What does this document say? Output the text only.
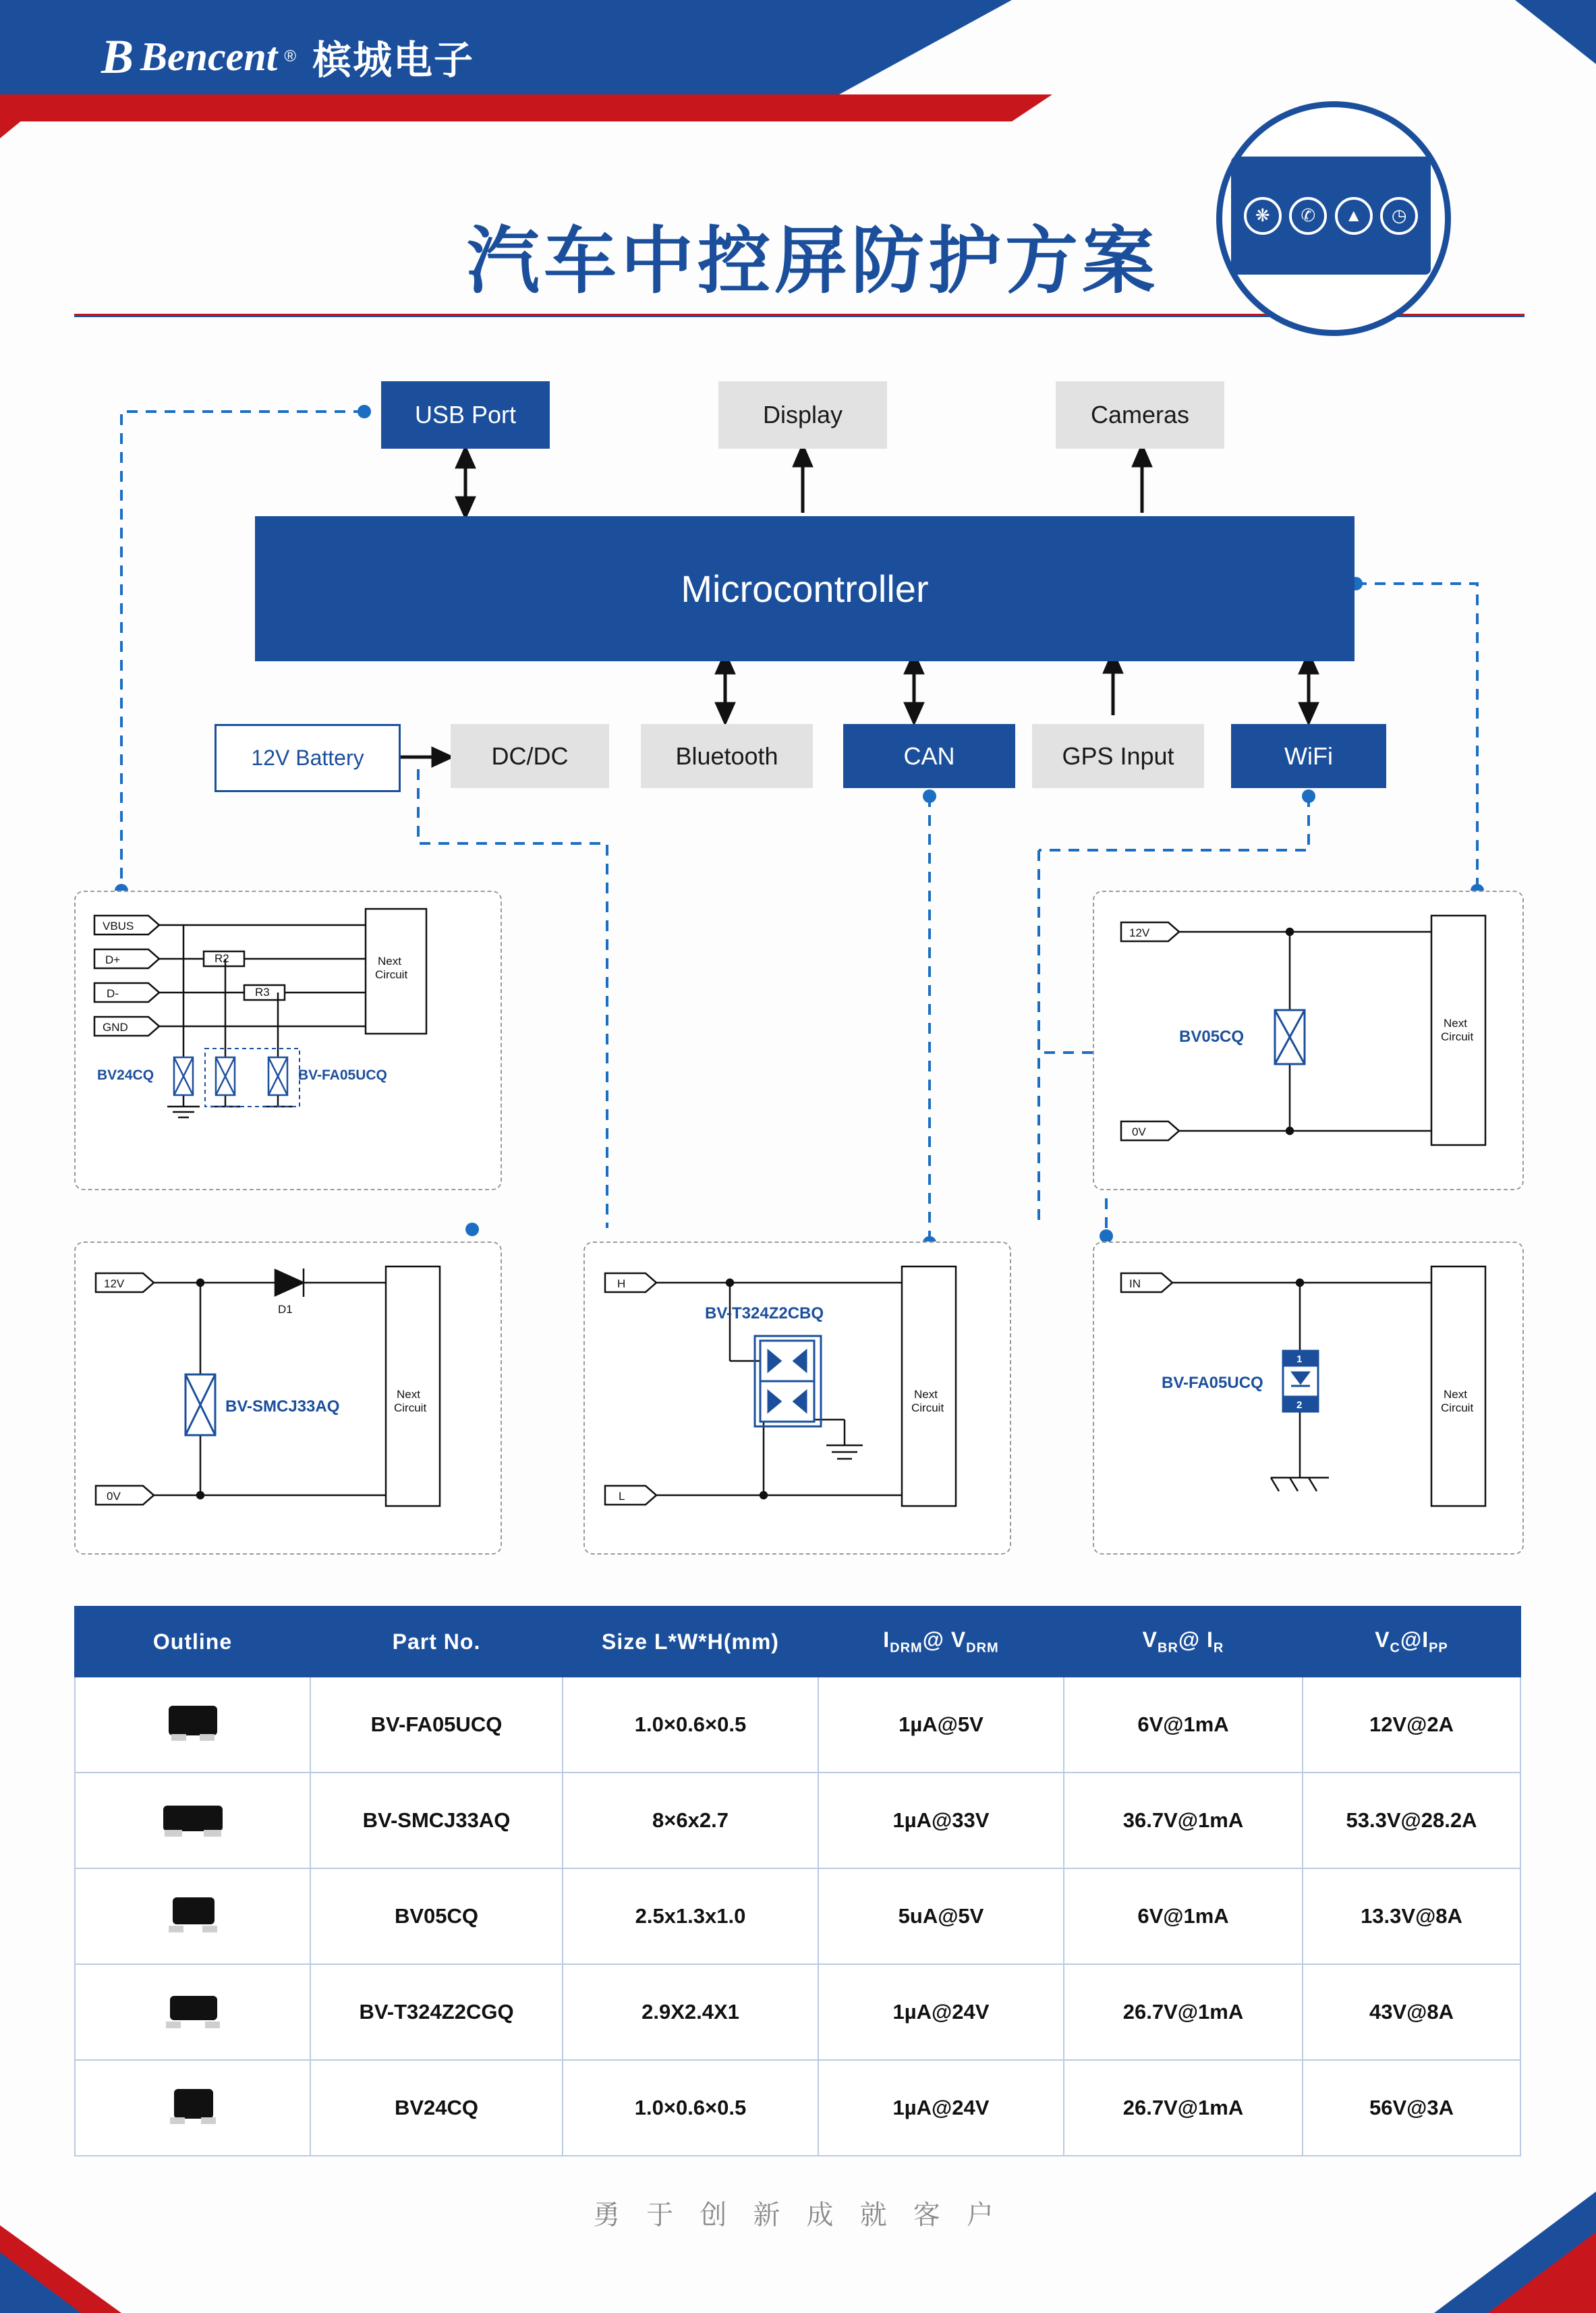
B Bencent ® 槟城电子
汽车中控屏防护方案
❋	✆	▲	◷
USB Port	Display	Cameras
Microcontroller
12V Battery	DC/DC	Bluetooth	CAN	GPS Input	WiFi
VBUS
D+
D-
GND
R2
R3
Next
Circuit
BV24CQ	BV-FA05UCQ
12V
0V
Next
Circuit
BV05CQ
12V
0V
D1
Next
Circuit
BV-SMCJ33AQ
H
L
Next
Circuit
BV-T324Z2CBQ
IN
Next
Circuit
1
2
BV-FA05UCQ
Outline	Part No.	Size L*W*H(mm)	$I_{DRM}@$ $V_{DRM}$	$V_{BR}@$ $I_R$	$V_C@I_{PP}$

	BV-FA05UCQ	1.0×0.6×0.5	1µA@5V	6V@1mA	12V@2A

	BV-SMCJ33AQ	8×6x2.7	1µA@33V	36.7V@1mA	53.3V@28.2A

	BV05CQ	2.5x1.3x1.0	5uA@5V	6V@1mA	13.3V@8A

	BV-T324Z2CGQ	2.9X2.4X1	1µA@24V	26.7V@1mA	43V@8A

	BV24CQ	1.0×0.6×0.5	1µA@24V	26.7V@1mA	56V@3A
勇 于 创 新 成 就 客 户
